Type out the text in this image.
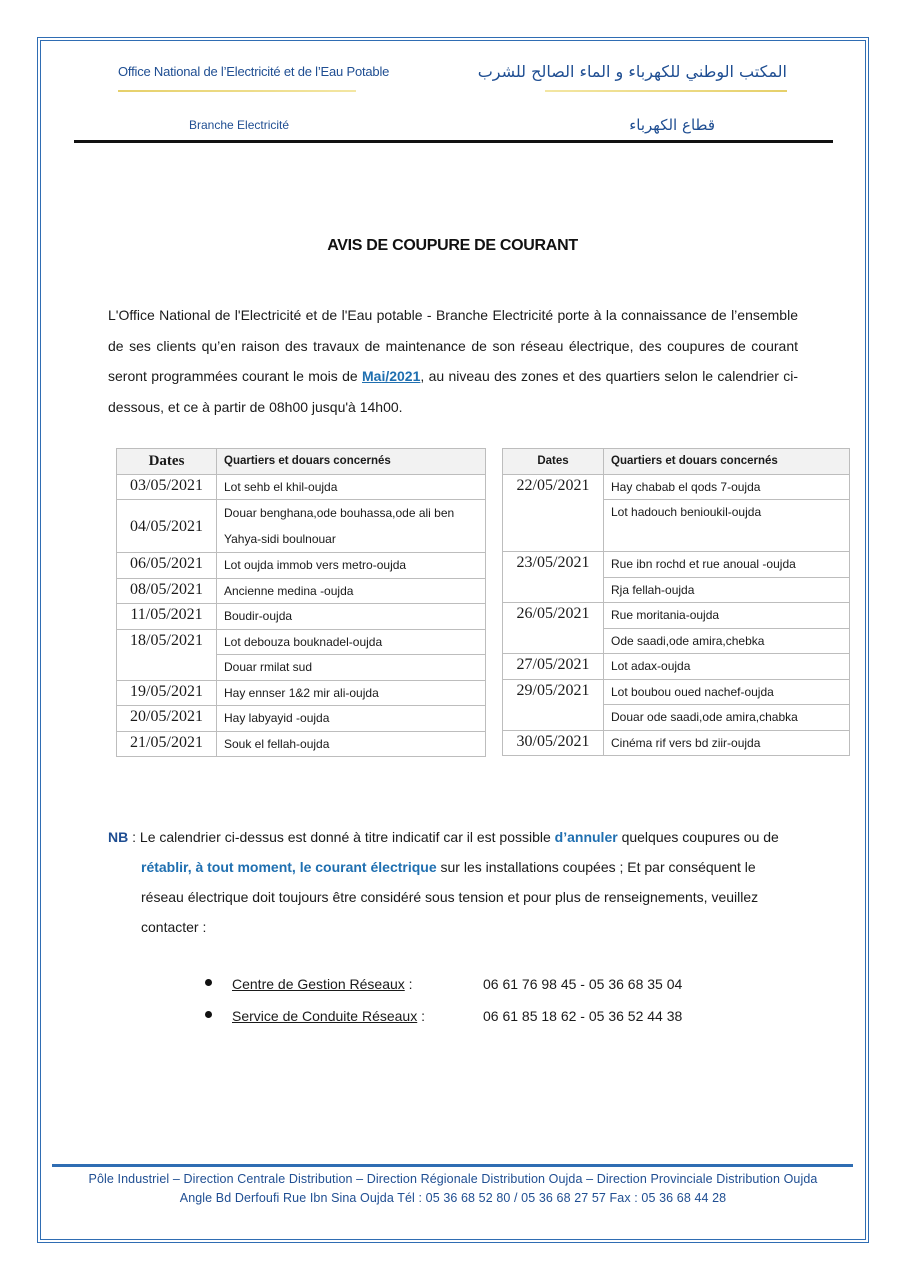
Office National de l’Electricité et de l’Eau Potable
Branche Electricité
المكتب الوطني للكهرباء و الماء الصالح للشرب
قطاع الكهرباء
AVIS DE COUPURE DE COURANT
L'Office National de l'Electricité et de l'Eau potable - Branche Electricité porte à la connaissance de l’ensemble de ses clients qu’en raison des travaux de maintenance de son réseau électrique, des coupures de courant seront programmées courant le mois de Mai/2021, au niveau des zones et des quartiers selon le calendrier ci-dessous, et ce à partir de 08h00 jusqu'à 14h00.
Dates	Quartiers et douars concernés
03/05/2021	Lot sehb el khil-oujda
04/05/2021	Douar benghana,ode bouhassa,ode ali ben Yahya-sidi boulnouar
06/05/2021	Lot oujda immob vers metro-oujda
08/05/2021	Ancienne medina -oujda
11/05/2021	Boudir-oujda
18/05/2021	Lot debouza bouknadel-oujda
	Douar rmilat sud
19/05/2021	Hay ennser 1&2 mir ali-oujda
20/05/2021	Hay labyayid -oujda
21/05/2021	Souk el fellah-oujda
Dates	Quartiers et douars concernés
22/05/2021	Hay chabab el qods 7-oujda
	Lot hadouch benioukil-oujda
23/05/2021	Rue ibn rochd et rue anoual -oujda
	Rja fellah-oujda
26/05/2021	Rue moritania-oujda
	Ode saadi,ode amira,chebka
27/05/2021	Lot adax-oujda
29/05/2021	Lot boubou oued nachef-oujda
	Douar ode saadi,ode amira,chabka
30/05/2021	Cinéma rif vers bd ziir-oujda
NB : Le calendrier ci-dessus est donné à titre indicatif car il est possible d’annuler quelques coupures ou de rétablir, à tout moment, le courant électrique sur les installations coupées ; Et par conséquent le réseau électrique doit toujours être considéré sous tension et pour plus de renseignements, veuillez contacter :
Centre de Gestion Réseaux :	06 61 76 98 45 - 05 36 68 35 04
Service de Conduite Réseaux :	06 61 85 18 62 - 05 36 52 44 38
Pôle Industriel – Direction Centrale Distribution – Direction Régionale Distribution Oujda – Direction Provinciale Distribution Oujda
Angle Bd Derfoufi Rue Ibn Sina Oujda Tél : 05 36 68 52 80 / 05 36 68 27 57 Fax : 05 36 68 44 28
